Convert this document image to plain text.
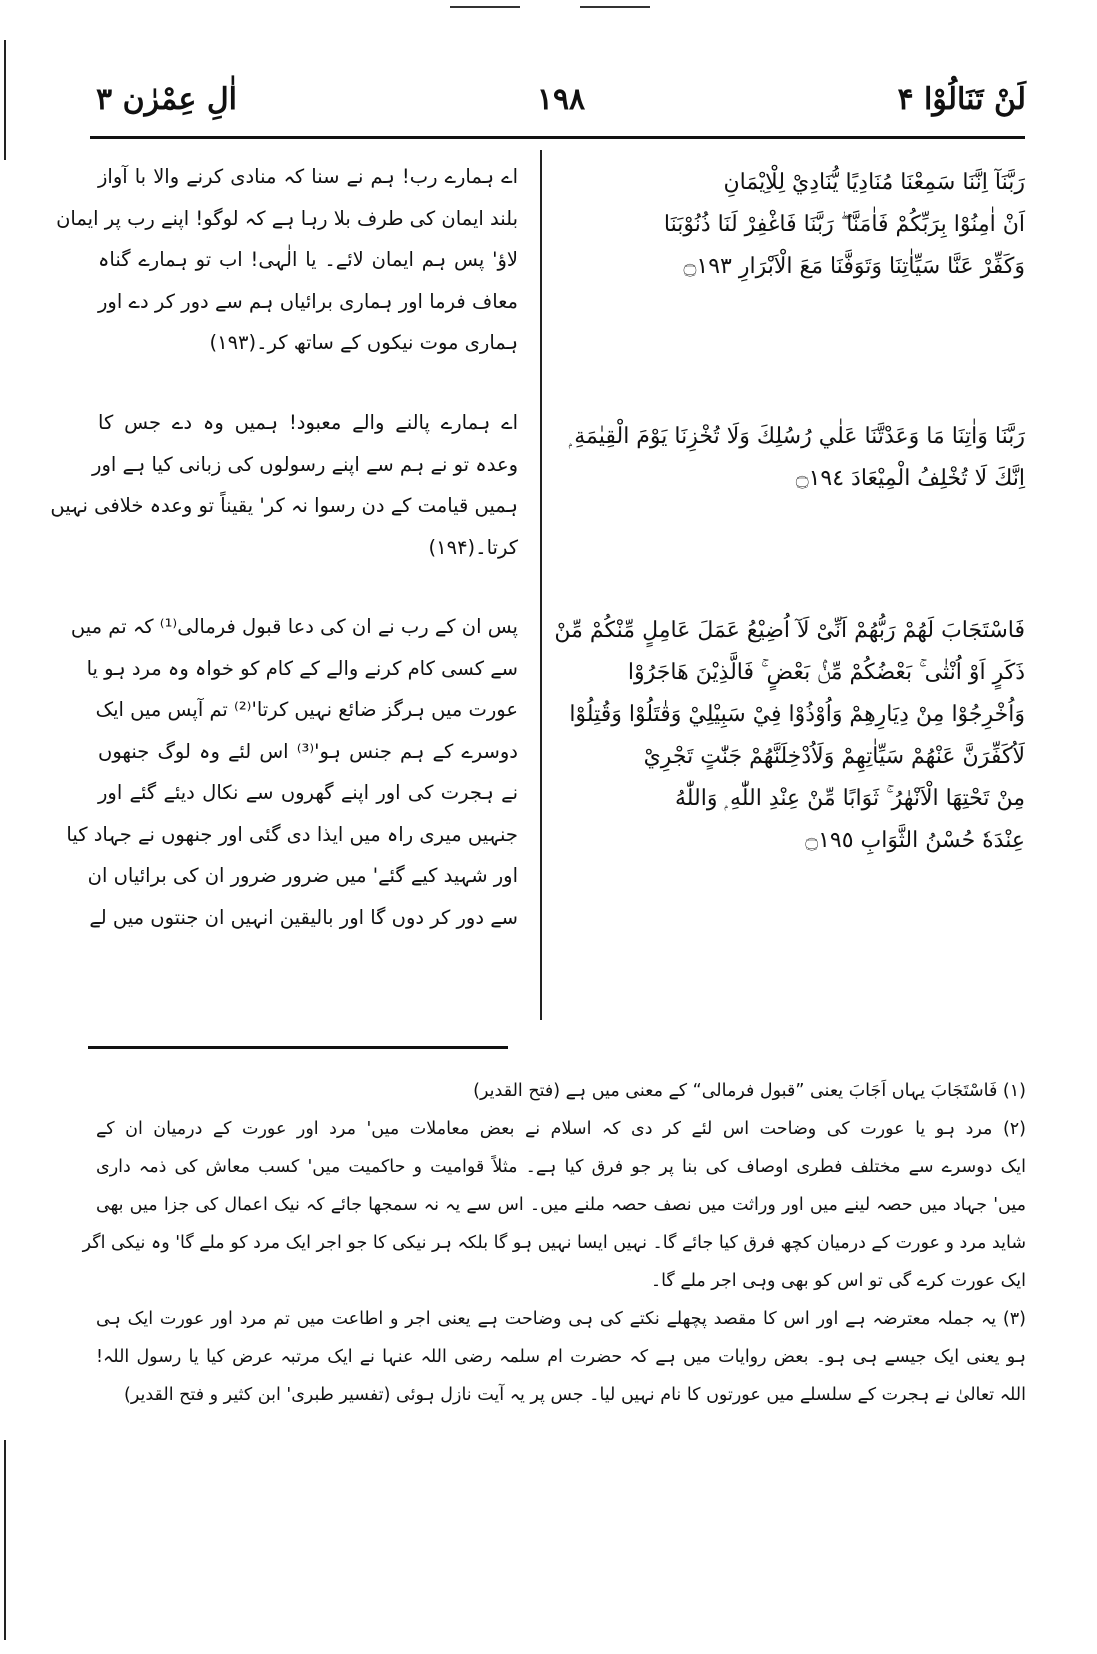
لَنْ تَنَالُوْا ۴
۱۹۸
اٰلِ عِمْرٰن ۳
رَبَّنَآ اِنَّنَا سَمِعْنَا مُنَادِيًا يُّنَادِيْ لِلْاِيْمَانِ
اَنْ اٰمِنُوْا بِرَبِّكُمْ فَاٰمَنَّا ۖ رَبَّنَا فَاغْفِرْ لَنَا ذُنُوْبَنَا
وَكَفِّرْ عَنَّا سَيِّاٰتِنَا وَتَوَفَّنَا مَعَ الْاَبْرَارِ ۝١٩٣
رَبَّنَا وَاٰتِنَا مَا وَعَدْتَّنَا عَلٰي رُسُلِكَ وَلَا تُخْزِنَا يَوْمَ الْقِيٰمَةِ ۭ
اِنَّكَ لَا تُخْلِفُ الْمِيْعَادَ ۝١٩٤
فَاسْتَجَابَ لَھُمْ رَبُّھُمْ اَنِّىْ لَآ اُضِيْعُ عَمَلَ عَامِلٍ مِّنْكُمْ مِّنْ
ذَكَرٍ اَوْ اُنْثٰى ۚ بَعْضُكُمْ مِّنْۢ بَعْضٍ ۚ فَالَّذِيْنَ ھَاجَرُوْا
وَاُخْرِجُوْا مِنْ دِيَارِھِمْ وَاُوْذُوْا فِيْ سَبِيْلِيْ وَقٰتَلُوْا وَقُتِلُوْا
لَاُكَفِّرَنَّ عَنْھُمْ سَيِّاٰتِهِمْ وَلَاُدْخِلَنَّھُمْ جَنّٰتٍ تَجْرِيْ
مِنْ تَحْتِهَا الْاَنْهٰرُ ۚ ثَوَابًا مِّنْ عِنْدِ اللّٰهِ ۭ وَاللّٰهُ
عِنْدَهٗ حُسْنُ الثَّوَابِ ۝١٩٥
اے ہمارے رب! ہم نے سنا کہ منادی کرنے والا با آواز
بلند ایمان کی طرف بلا رہا ہے کہ لوگو! اپنے رب پر ایمان
لاؤ' پس ہم ایمان لائے۔ یا الٰہی! اب تو ہمارے گناہ
معاف فرما اور ہماری برائیاں ہم سے دور کر دے اور
ہماری موت نیکوں کے ساتھ کر۔(۱۹۳)
اے ہمارے پالنے والے معبود! ہمیں وہ دے جس کا
وعدہ تو نے ہم سے اپنے رسولوں کی زبانی کیا ہے اور
ہمیں قیامت کے دن رسوا نہ کر' یقیناً تو وعدہ خلافی نہیں
کرتا۔(۱۹۴)
پس ان کے رب نے ان کی دعا قبول فرمالی⁽¹⁾ کہ تم میں
سے کسی کام کرنے والے کے کام کو خواہ وہ مرد ہو یا
عورت میں ہرگز ضائع نہیں کرتا'⁽²⁾ تم آپس میں ایک
دوسرے کے ہم جنس ہو'⁽³⁾ اس لئے وہ لوگ جنھوں
نے ہجرت کی اور اپنے گھروں سے نکال دیئے گئے اور
جنہیں میری راہ میں ایذا دی گئی اور جنھوں نے جہاد کیا
اور شہید کیے گئے' میں ضرور ضرور ان کی برائیاں ان
سے دور کر دوں گا اور بالیقین انہیں ان جنتوں میں لے
(۱) فَاسْتَجَابَ یہاں اَجَابَ یعنی ”قبول فرمالی“ کے معنی میں ہے (فتح القدیر)
(۲) مرد ہو یا عورت کی وضاحت اس لئے کر دی کہ اسلام نے بعض معاملات میں' مرد اور عورت کے درمیان ان کے
ایک دوسرے سے مختلف فطری اوصاف کی بنا پر جو فرق کیا ہے۔ مثلاً قوامیت و حاکمیت میں' کسب معاش کی ذمہ داری
میں' جہاد میں حصہ لینے میں اور وراثت میں نصف حصہ ملنے میں۔ اس سے یہ نہ سمجھا جائے کہ نیک اعمال کی جزا میں بھی
شاید مرد و عورت کے درمیان کچھ فرق کیا جائے گا۔ نہیں ایسا نہیں ہو گا بلکہ ہر نیکی کا جو اجر ایک مرد کو ملے گا' وہ نیکی اگر
ایک عورت کرے گی تو اس کو بھی وہی اجر ملے گا۔
(۳) یہ جملہ معترضہ ہے اور اس کا مقصد پچھلے نکتے کی ہی وضاحت ہے یعنی اجر و اطاعت میں تم مرد اور عورت ایک ہی
ہو یعنی ایک جیسے ہی ہو۔ بعض روایات میں ہے کہ حضرت ام سلمہ رضی اللہ عنہا نے ایک مرتبہ عرض کیا یا رسول اللہ!
اللہ تعالیٰ نے ہجرت کے سلسلے میں عورتوں کا نام نہیں لیا۔ جس پر یہ آیت نازل ہوئی (تفسیر طبری' ابن کثیر و فتح القدیر)
